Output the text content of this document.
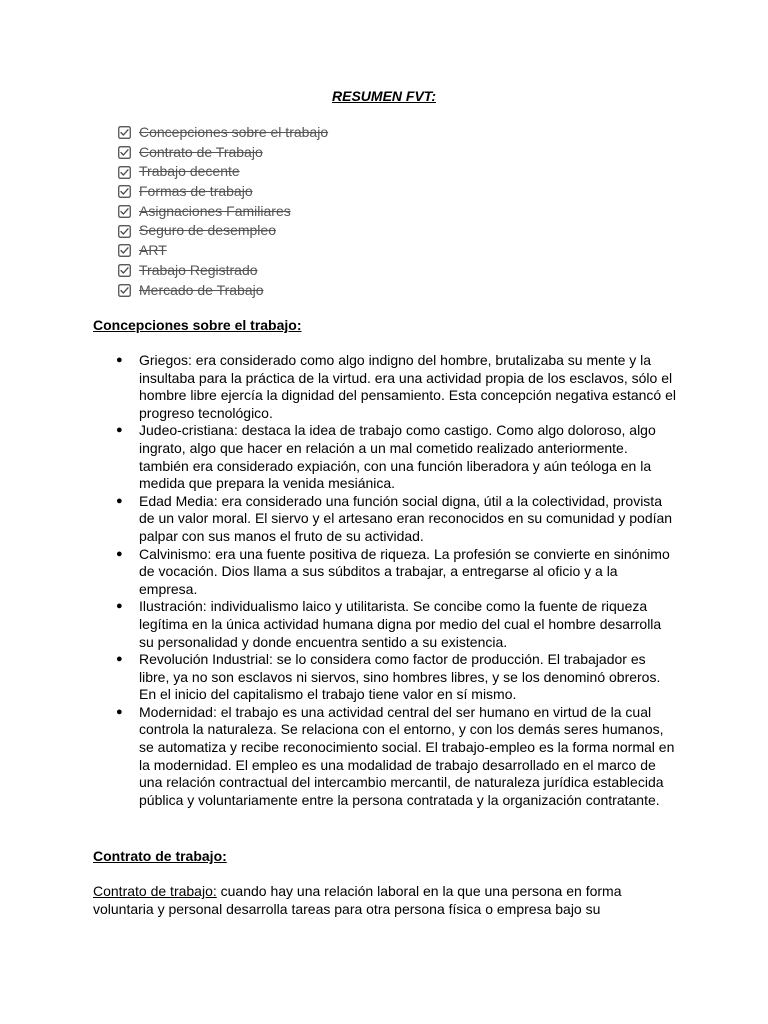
RESUMEN FVT:
Concepciones sobre el trabajo
Contrato de Trabajo
Trabajo decente
Formas de trabajo
Asignaciones Familiares
Seguro de desempleo
ART
Trabajo Registrado
Mercado de Trabajo
Concepciones sobre el trabajo:
● Griegos: era considerado como algo indigno del hombre, brutalizaba su mente y la insultaba para la práctica de la virtud. era una actividad propia de los esclavos, sólo el hombre libre ejercía la dignidad del pensamiento. Esta concepción negativa estancó el progreso tecnológico.
● Judeo-cristiana: destaca la idea de trabajo como castigo. Como algo doloroso, algo ingrato, algo que hacer en relación a un mal cometido realizado anteriormente. también era considerado expiación, con una función liberadora y aún teóloga en la medida que prepara la venida mesiánica.
● Edad Media: era considerado una función social digna, útil a la colectividad, provista de un valor moral. El siervo y el artesano eran reconocidos en su comunidad y podían palpar con sus manos el fruto de su actividad.
● Calvinismo: era una fuente positiva de riqueza. La profesión se convierte en sinónimo de vocación. Dios llama a sus súbditos a trabajar, a entregarse al oficio y a la empresa.
● Ilustración: individualismo laico y utilitarista. Se concibe como la fuente de riqueza legítima en la única actividad humana digna por medio del cual el hombre desarrolla su personalidad y donde encuentra sentido a su existencia.
● Revolución Industrial: se lo considera como factor de producción. El trabajador es libre, ya no son esclavos ni siervos, sino hombres libres, y se los denominó obreros. En el inicio del capitalismo el trabajo tiene valor en sí mismo.
● Modernidad: el trabajo es una actividad central del ser humano en virtud de la cual controla la naturaleza. Se relaciona con el entorno, y con los demás seres humanos, se automatiza y recibe reconocimiento social. El trabajo-empleo es la forma normal en la modernidad. El empleo es una modalidad de trabajo desarrollado en el marco de una relación contractual del intercambio mercantil, de naturaleza jurídica establecida pública y voluntariamente entre la persona contratada y la organización contratante.
Contrato de trabajo:

Contrato de trabajo: cuando hay una relación laboral en la que una persona en forma voluntaria y personal desarrolla tareas para otra persona física o empresa bajo su
